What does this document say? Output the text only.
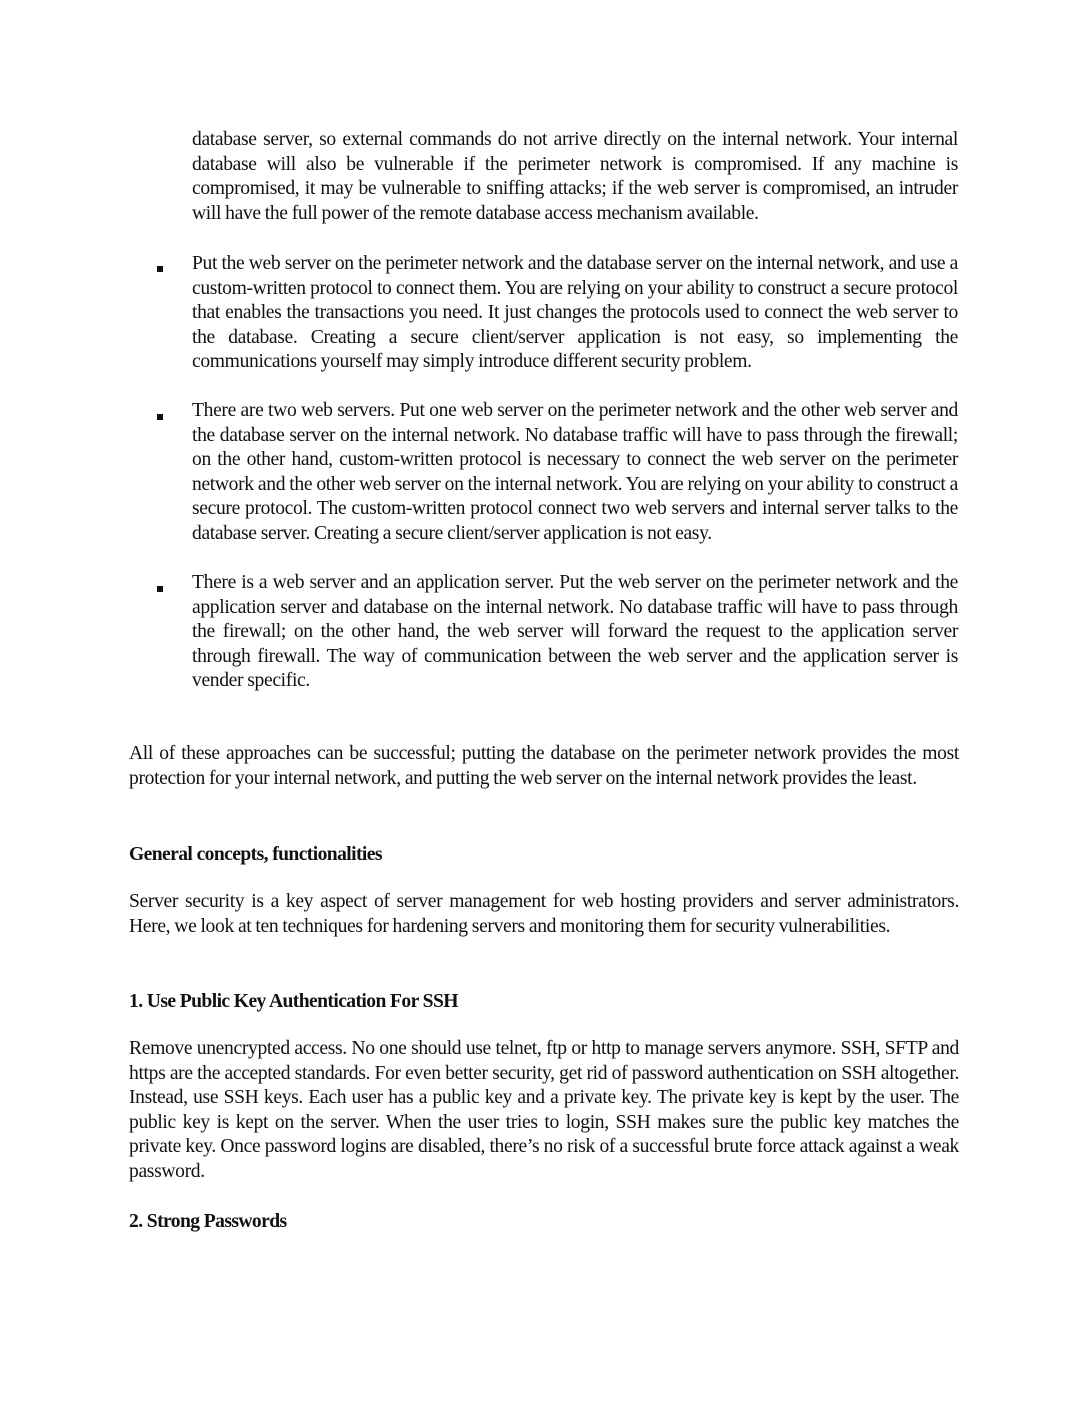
database server, so external commands do not arrive directly on the internal network. Your internal database will also be vulnerable if the perimeter network is compromised. If any machine is compromised, it may be vulnerable to sniffing attacks; if the web server is compromised, an intruder will have the full power of the remote database access mechanism available.

Put the web server on the perimeter network and the database server on the internal network, and use a custom-written protocol to connect them. You are relying on your ability to construct a secure protocol that enables the transactions you need. It just changes the protocols used to connect the web server to the database. Creating a secure client/server application is not easy, so implementing the communications yourself may simply introduce different security problem.

There are two web servers. Put one web server on the perimeter network and the other web server and the database server on the internal network. No database traffic will have to pass through the firewall; on the other hand, custom-written protocol is necessary to connect the web server on the perimeter network and the other web server on the internal network. You are relying on your ability to construct a secure protocol. The custom-written protocol connect two web servers and internal server talks to the database server. Creating a secure client/server application is not easy.

There is a web server and an application server. Put the web server on the perimeter network and the application server and database on the internal network. No database traffic will have to pass through the firewall; on the other hand, the web server will forward the request to the application server through firewall. The way of communication between the web server and the application server is vender specific.

All of these approaches can be successful; putting the database on the perimeter network provides the most protection for your internal network, and putting the web server on the internal network provides the least.

General concepts, functionalities

Server security is a key aspect of server management for web hosting providers and server administrators. Here, we look at ten techniques for hardening servers and monitoring them for security vulnerabilities.

1. Use Public Key Authentication For SSH

Remove unencrypted access. No one should use telnet, ftp or http to manage servers anymore. SSH, SFTP and https are the accepted standards. For even better security, get rid of password authentication on SSH altogether. Instead, use SSH keys. Each user has a public key and a private key. The private key is kept by the user. The public key is kept on the server. When the user tries to login, SSH makes sure the public key matches the private key. Once password logins are disabled, there’s no risk of a successful brute force attack against a weak password.

2. Strong Passwords
